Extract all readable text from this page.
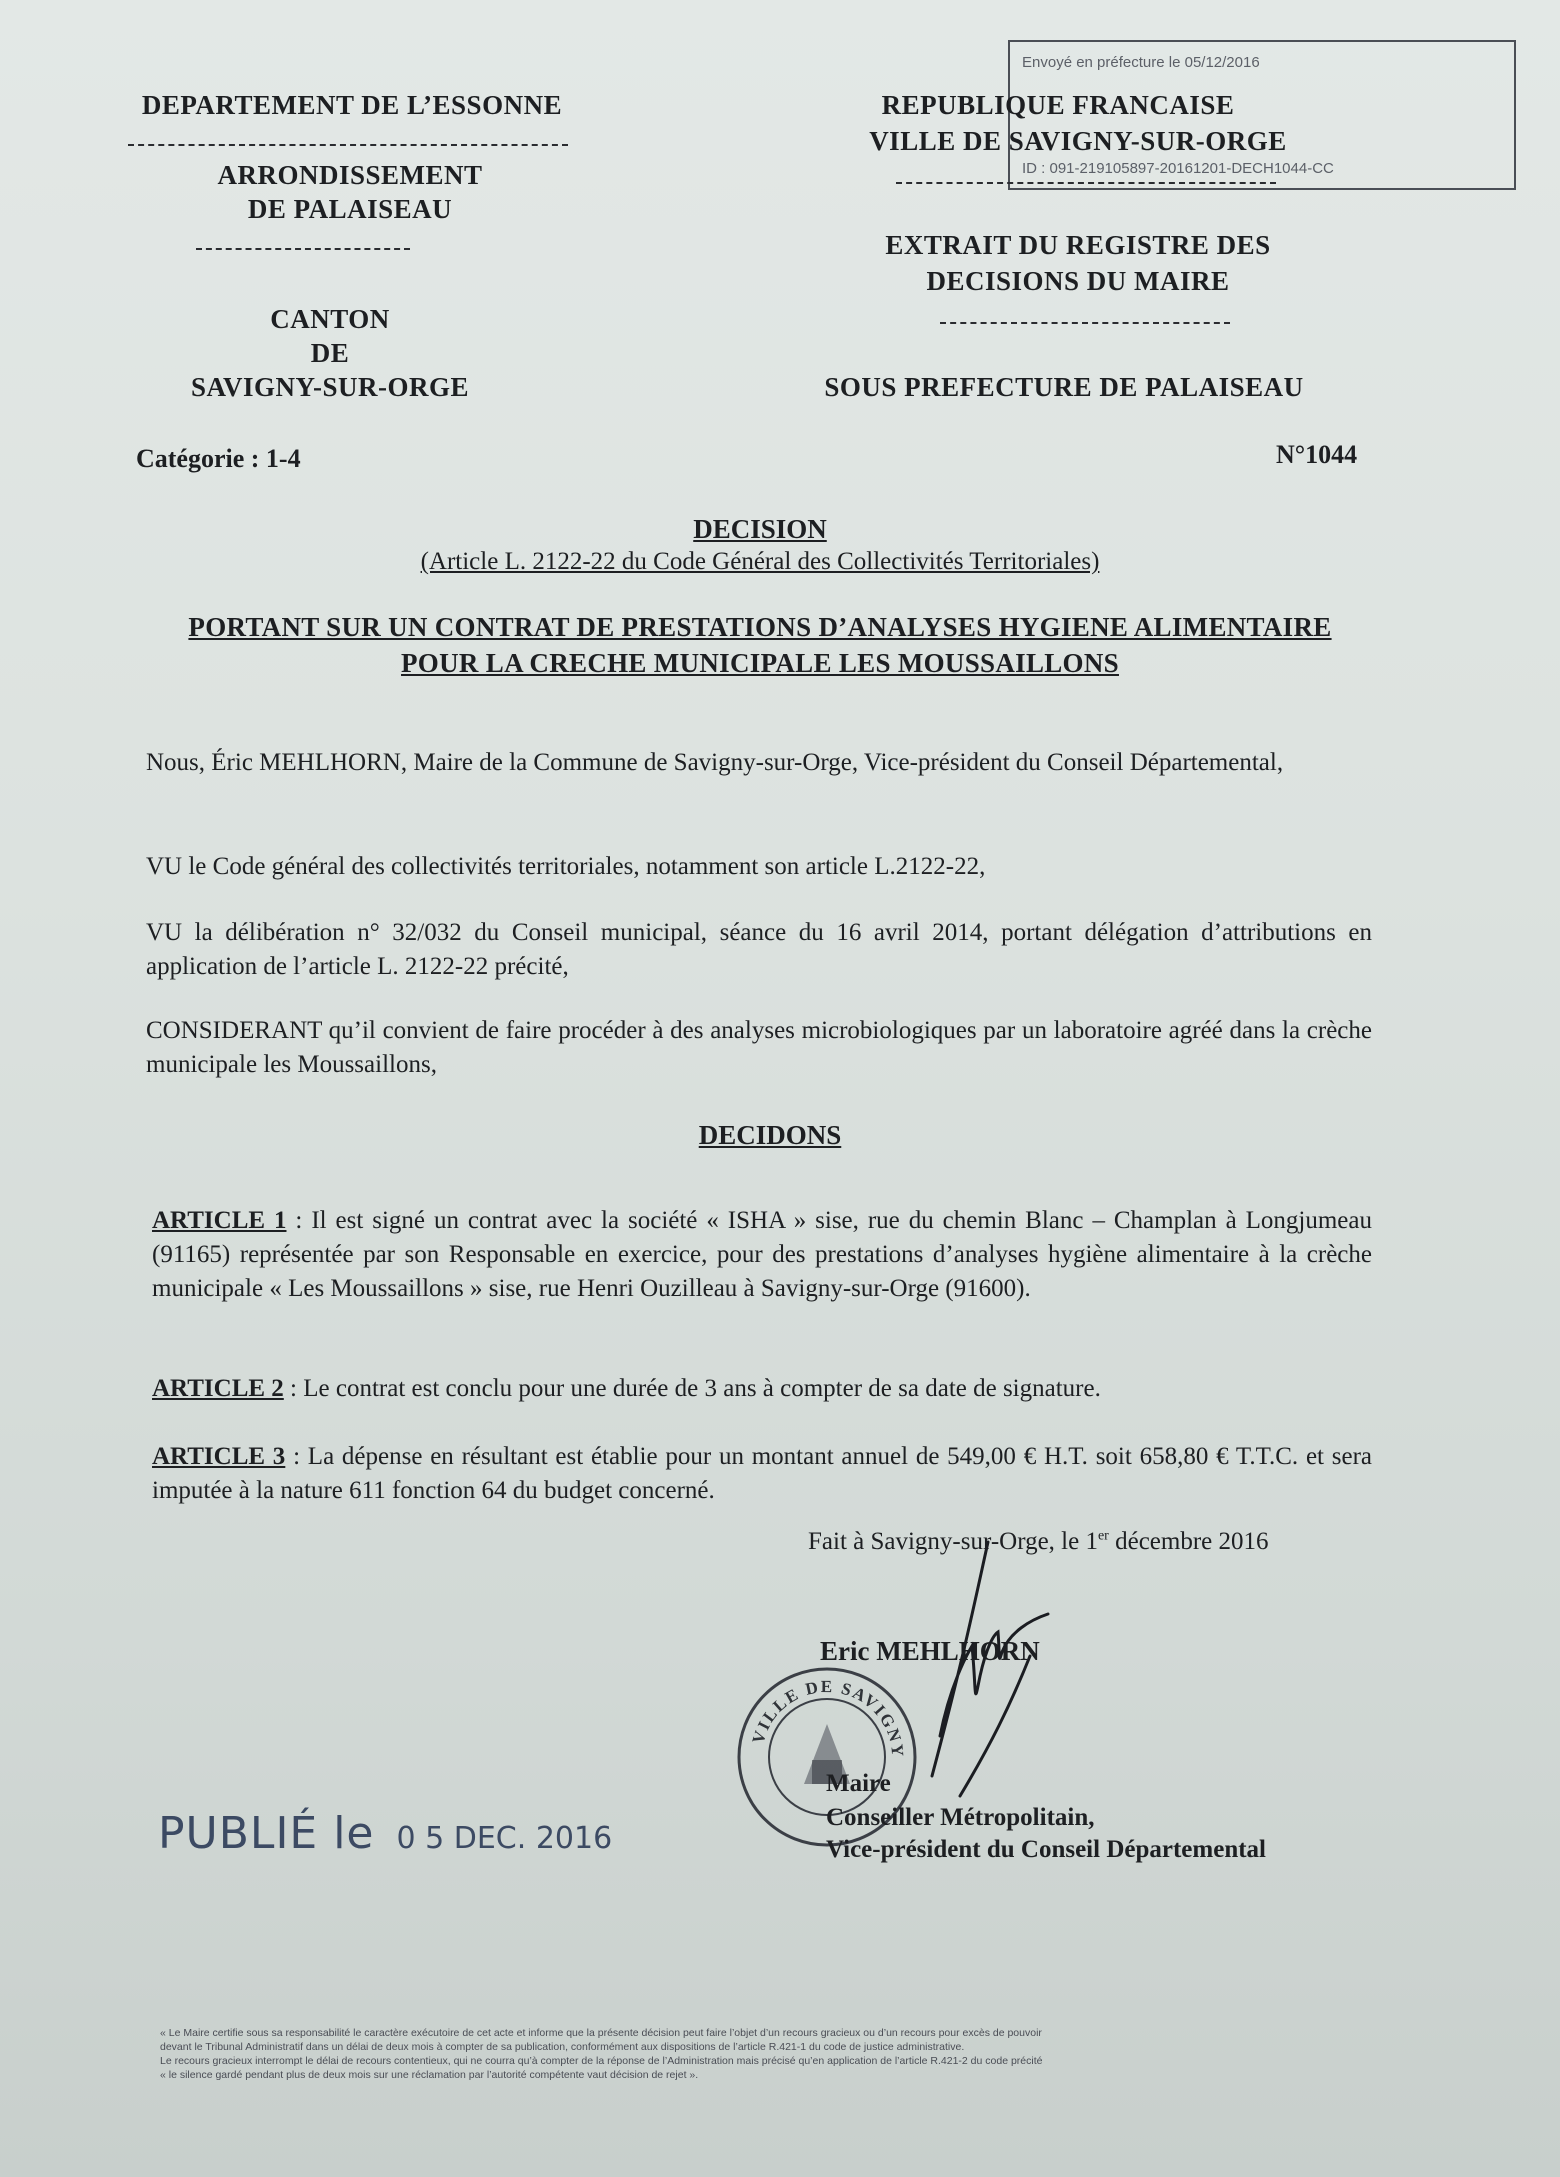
Envoyé en préfecture le 05/12/2016
ID : 091-219105897-20161201-DECH1044-CC
DEPARTEMENT DE L’ESSONNE
ARRONDISSEMENT
DE PALAISEAU
CANTON
DE
SAVIGNY-SUR-ORGE
Catégorie : 1-4
REPUBLIQUE FRANCAISE
VILLE DE SAVIGNY-SUR-ORGE
EXTRAIT DU REGISTRE DES
DECISIONS DU MAIRE
SOUS PREFECTURE DE PALAISEAU
N°1044
DECISION
(Article L. 2122-22 du Code Général des Collectivités Territoriales)
PORTANT SUR UN CONTRAT DE PRESTATIONS D’ANALYSES HYGIENE ALIMENTAIRE
POUR LA CRECHE MUNICIPALE LES MOUSSAILLONS
Nous, Éric MEHLHORN, Maire de la Commune de Savigny-sur-Orge, Vice-président du Conseil Départemental,
VU le Code général des collectivités territoriales, notamment son article L.2122-22,
VU la délibération n° 32/032 du Conseil municipal, séance du 16 avril 2014, portant délégation d’attributions en application de l’article L. 2122-22 précité,
CONSIDERANT qu’il convient de faire procéder à des analyses microbiologiques par un laboratoire agréé dans la crèche municipale les Moussaillons,
DECIDONS
ARTICLE 1 : Il est signé un contrat avec la société « ISHA » sise, rue du chemin Blanc – Champlan à Longjumeau (91165) représentée par son Responsable en exercice, pour des prestations d’analyses hygiène alimentaire à la crèche municipale « Les Moussaillons » sise, rue Henri Ouzilleau à Savigny-sur-Orge (91600).
ARTICLE 2 : Le contrat est conclu pour une durée de 3 ans à compter de sa date de signature.
ARTICLE 3 : La dépense en résultant est établie pour un montant annuel de 549,00 € H.T. soit 658,80 € T.T.C. et sera imputée à la nature 611 fonction 64 du budget concerné.
Fait à Savigny-sur-Orge, le 1er décembre 2016
Eric MEHLHORN
VILLE DE SAVIGNY
Maire
Conseiller Métropolitain,
Vice-président du Conseil Départemental
PUBLIÉ le 0 5 DEC. 2016
« Le Maire certifie sous sa responsabilité le caractère exécutoire de cet acte et informe que la présente décision peut faire l’objet d’un recours gracieux ou d’un recours pour excès de pouvoir
devant le Tribunal Administratif dans un délai de deux mois à compter de sa publication, conformément aux dispositions de l’article R.421-1 du code de justice administrative.
Le recours gracieux interrompt le délai de recours contentieux, qui ne courra qu’à compter de la réponse de l’Administration mais précisé qu’en application de l’article R.421-2 du code précité
« le silence gardé pendant plus de deux mois sur une réclamation par l’autorité compétente vaut décision de rejet ».
